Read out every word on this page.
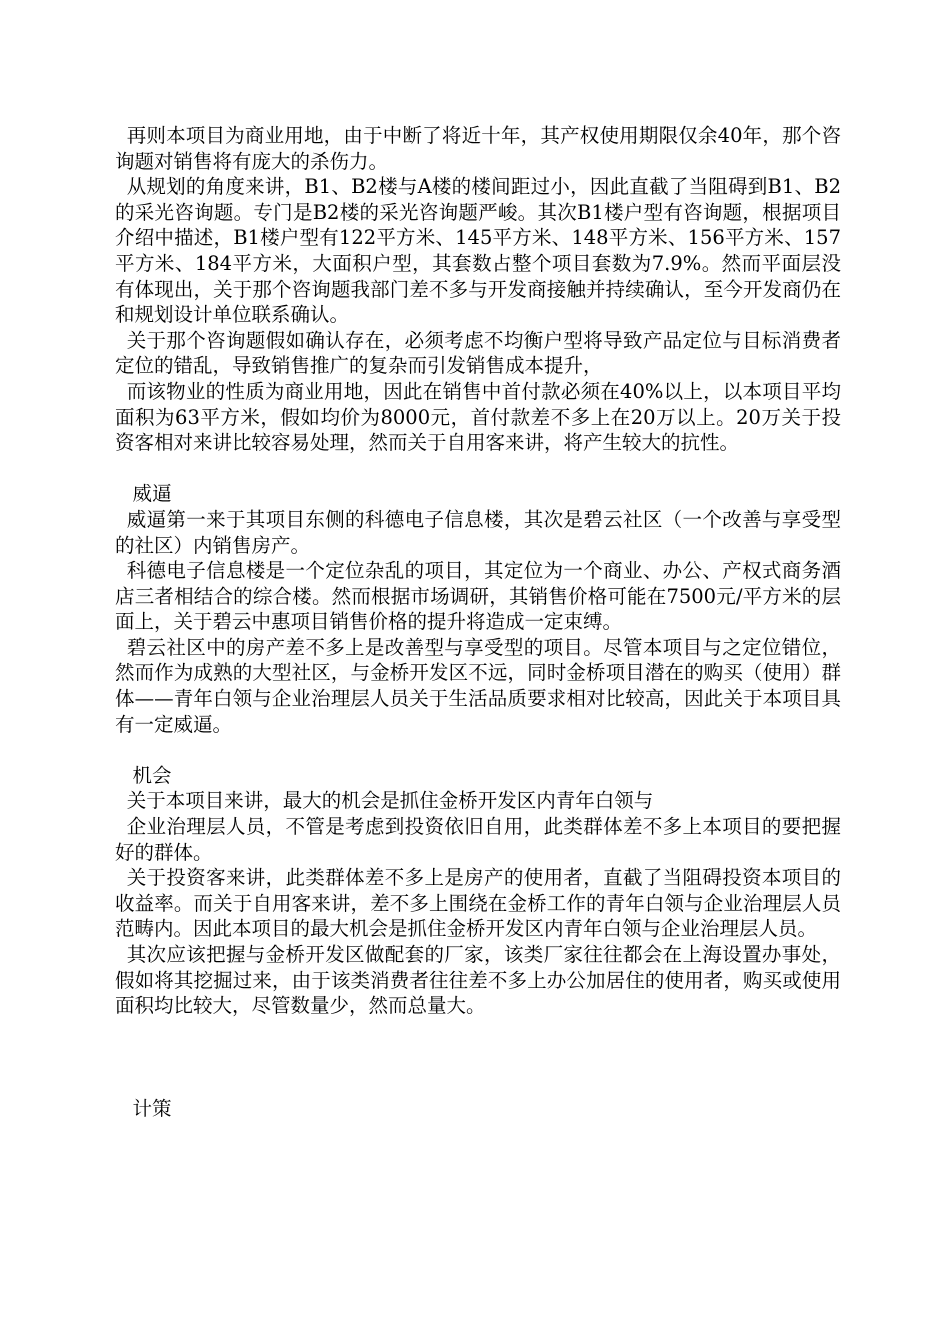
再则本项目为商业用地，由于中断了将近十年，其产权使用期限仅余40年，那个咨询题对销售将有庞大的杀伤力。

从规划的角度来讲，B1、B2楼与A楼的楼间距过小，因此直截了当阻碍到B1、B2的采光咨询题。专门是B2楼的采光咨询题严峻。其次B1楼户型有咨询题，根据项目介绍中描述，B1楼户型有122平方米、145平方米、148平方米、156平方米、157平方米、184平方米，大面积户型，其套数占整个项目套数为7.9%。然而平面层没有体现出，关于那个咨询题我部门差不多与开发商接触并持续确认，至今开发商仍在和规划设计单位联系确认。

关于那个咨询题假如确认存在，必须考虑不均衡户型将导致产品定位与目标消费者定位的错乱，导致销售推广的复杂而引发销售成本提升，

而该物业的性质为商业用地，因此在销售中首付款必须在40%以上，以本项目平均面积为63平方米，假如均价为8000元，首付款差不多上在20万以上。20万关于投资客相对来讲比较容易处理，然而关于自用客来讲，将产生较大的抗性。

威逼

威逼第一来于其项目东侧的科德电子信息楼，其次是碧云社区（一个改善与享受型的社区）内销售房产。

科德电子信息楼是一个定位杂乱的项目，其定位为一个商业、办公、产权式商务酒店三者相结合的综合楼。然而根据市场调研，其销售价格可能在7500元/平方米的层面上，关于碧云中惠项目销售价格的提升将造成一定束缚。

碧云社区中的房产差不多上是改善型与享受型的项目。尽管本项目与之定位错位，然而作为成熟的大型社区，与金桥开发区不远，同时金桥项目潜在的购买（使用）群体——青年白领与企业治理层人员关于生活品质要求相对比较高，因此关于本项目具有一定威逼。

机会

关于本项目来讲，最大的机会是抓住金桥开发区内青年白领与

企业治理层人员，不管是考虑到投资依旧自用，此类群体差不多上本项目的要把握好的群体。

关于投资客来讲，此类群体差不多上是房产的使用者，直截了当阻碍投资本项目的收益率。而关于自用客来讲，差不多上围绕在金桥工作的青年白领与企业治理层人员范畴内。因此本项目的最大机会是抓住金桥开发区内青年白领与企业治理层人员。

其次应该把握与金桥开发区做配套的厂家，该类厂家往往都会在上海设置办事处，假如将其挖掘过来，由于该类消费者往往差不多上办公加居住的使用者，购买或使用面积均比较大，尽管数量少，然而总量大。

计策
